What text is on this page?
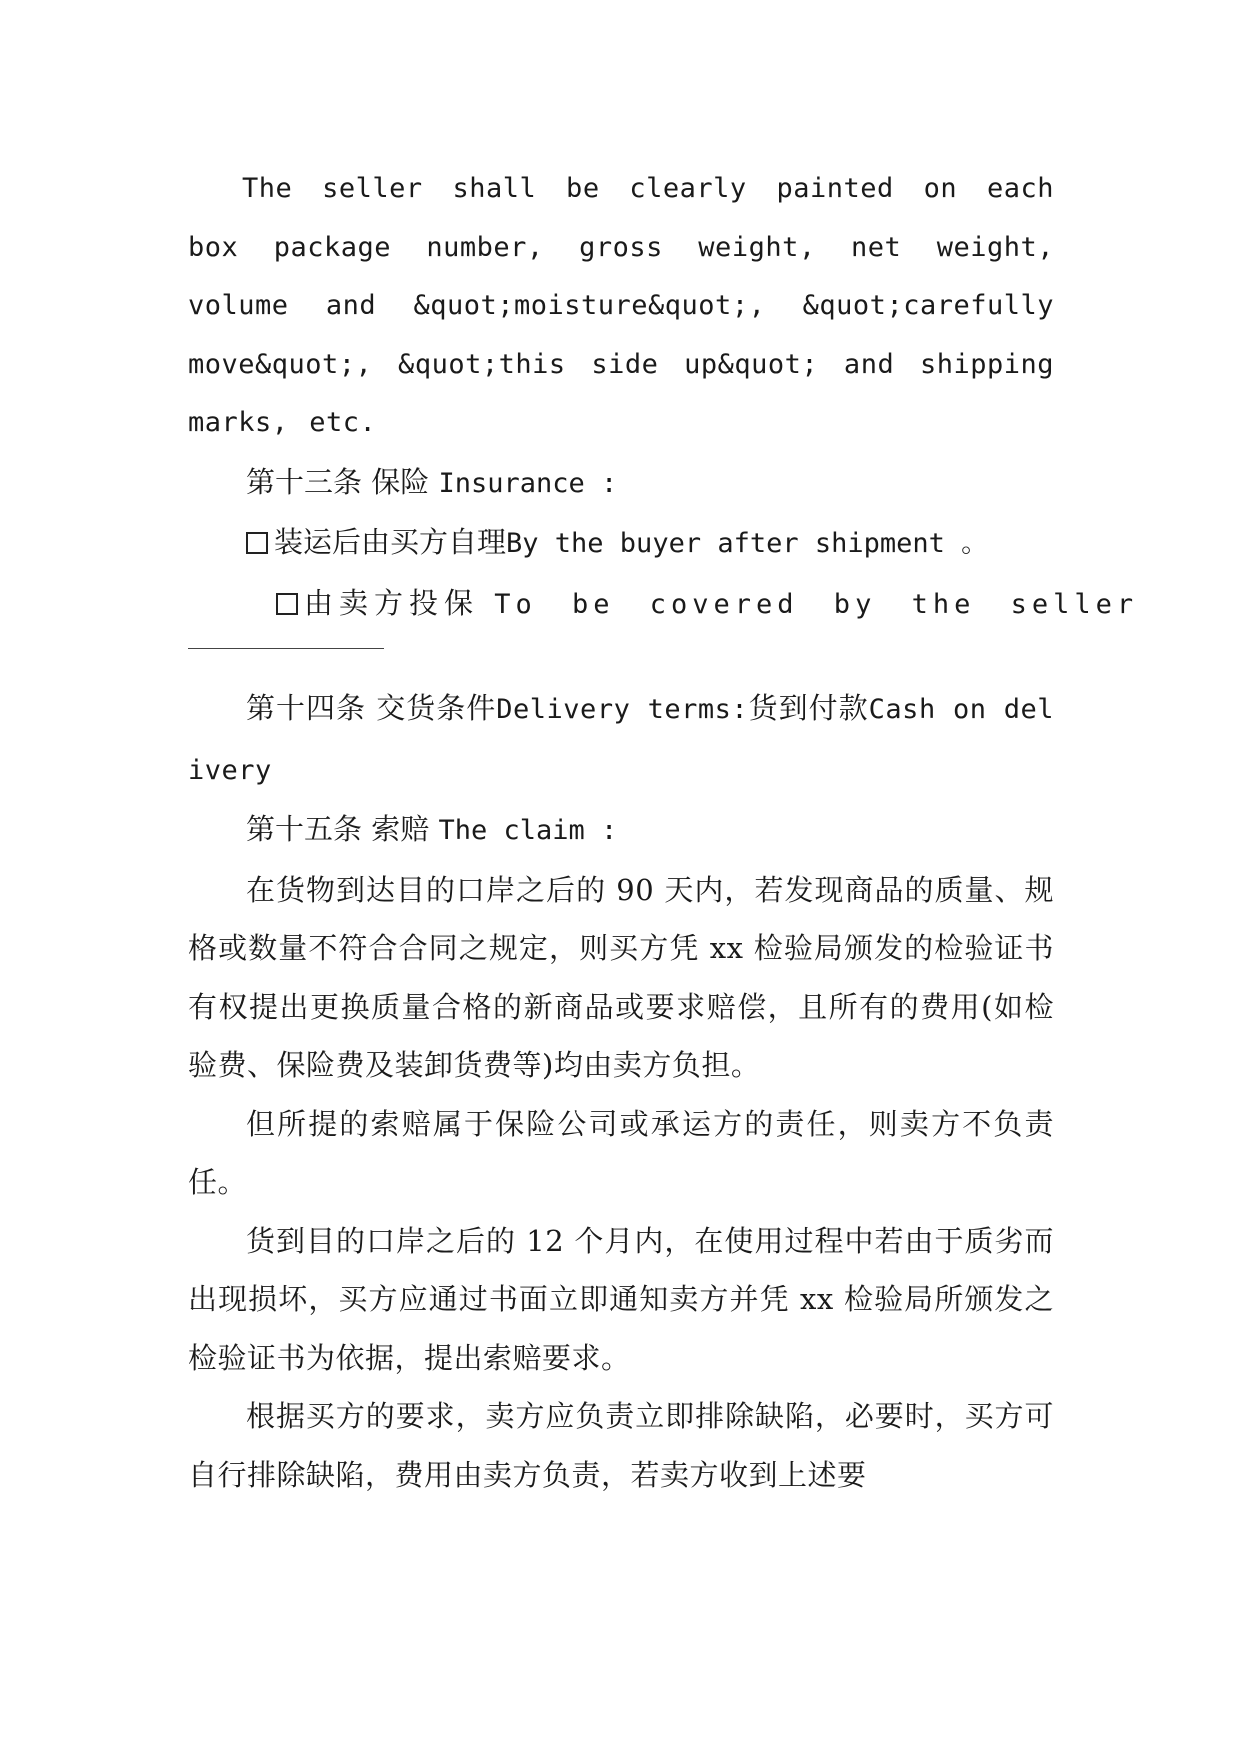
The seller shall be clearly painted on each box package number, gross weight, net weight, volume and &quot;moisture&quot;, &quot;carefully move&quot;, &quot;this side up&quot; and shipping marks, etc.

第十三条 保险 Insurance :

装运后由买方自理By the buyer after shipment 。

由卖方投保 To be covered by the seller

第十四条 交货条件Delivery terms:货到付款Cash on delivery

第十五条 索赔 The claim :

在货物到达目的口岸之后的 90 天内，若发现商品的质量、规格或数量不符合合同之规定，则买方凭 xx 检验局颁发的检验证书有权提出更换质量合格的新商品或要求赔偿，且所有的费用(如检验费、保险费及装卸货费等)均由卖方负担。

但所提的索赔属于保险公司或承运方的责任，则卖方不负责任。

货到目的口岸之后的 12 个月内，在使用过程中若由于质劣而出现损坏，买方应通过书面立即通知卖方并凭 xx 检验局所颁发之检验证书为依据，提出索赔要求。

根据买方的要求，卖方应负责立即排除缺陷，必要时，买方可自行排除缺陷，费用由卖方负责，若卖方收到上述要
